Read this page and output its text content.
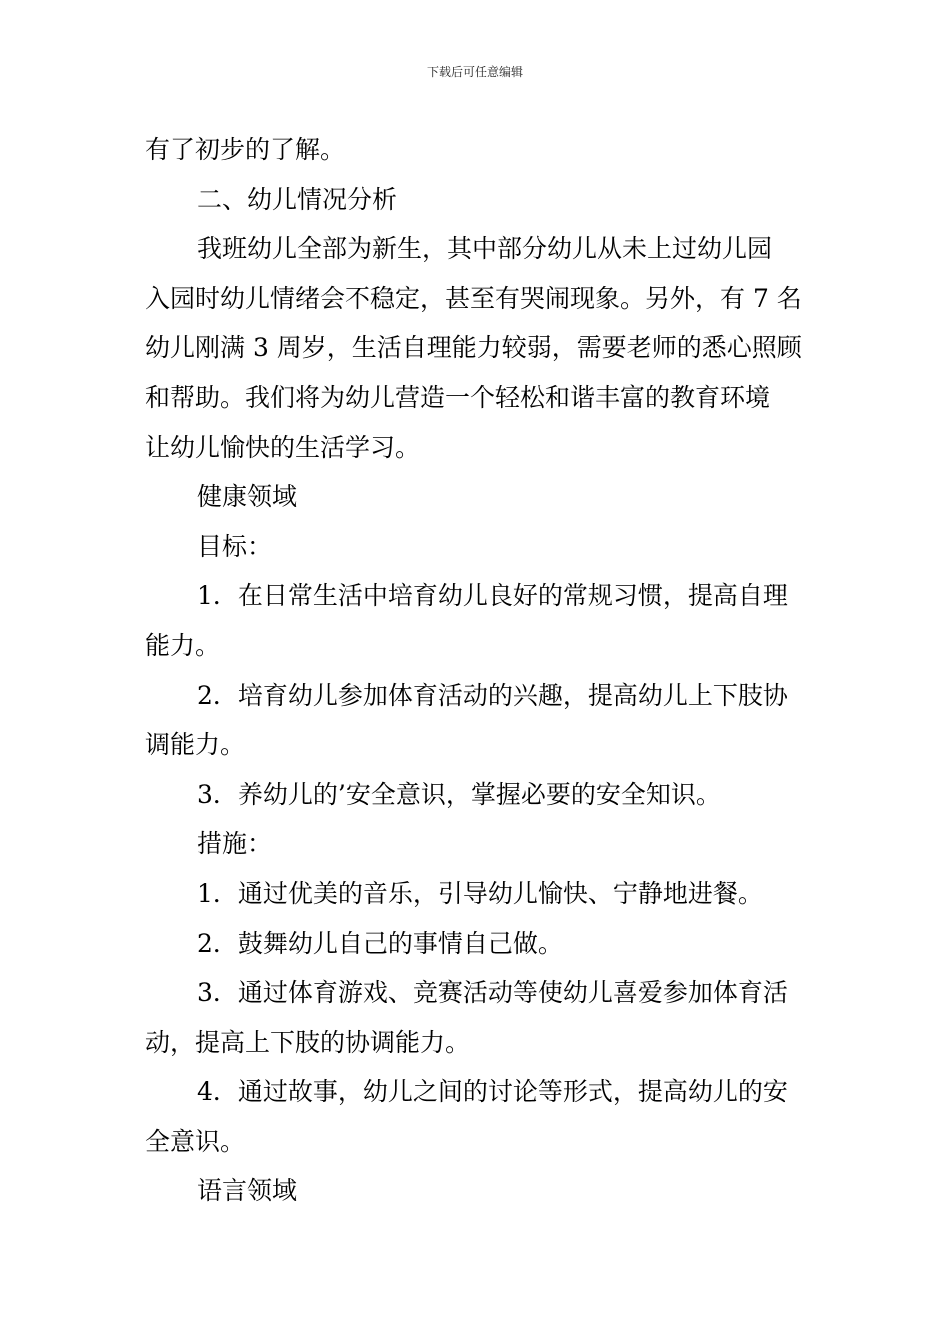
下载后可任意编辑
有了初步的了解。
二、幼儿情况分析
我班幼儿全部为新生，其中部分幼儿从未上过幼儿园
入园时幼儿情绪会不稳定，甚至有哭闹现象。另外，有 7 名
幼儿刚满 3 周岁，生活自理能力较弱，需要老师的悉心照顾
和帮助。我们将为幼儿营造一个轻松和谐丰富的教育环境
让幼儿愉快的生活学习。
健康领域
目标：
1．在日常生活中培育幼儿良好的常规习惯，提高自理
能力。
2．培育幼儿参加体育活动的兴趣，提高幼儿上下肢协
调能力。
3．养幼儿的’安全意识，掌握必要的安全知识。
措施：
1．通过优美的音乐，引导幼儿愉快、宁静地进餐。
2．鼓舞幼儿自己的事情自己做。
3．通过体育游戏、竞赛活动等使幼儿喜爱参加体育活
动，提高上下肢的协调能力。
4．通过故事，幼儿之间的讨论等形式，提高幼儿的安
全意识。
语言领域
